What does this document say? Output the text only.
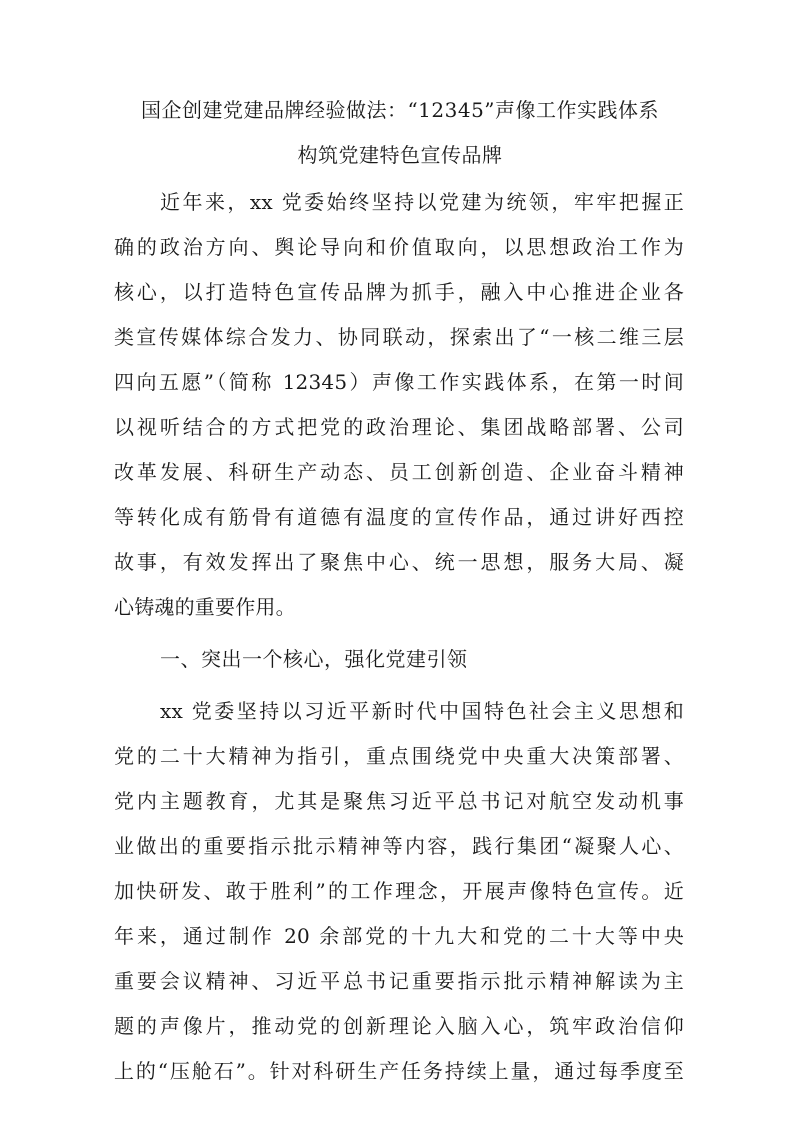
国企创建党建品牌经验做法：“12345”声像工作实践体系
构筑党建特色宣传品牌
近年来，xx 党委始终坚持以党建为统领，牢牢把握正
确的政治方向、舆论导向和价值取向，以思想政治工作为
核心，以打造特色宣传品牌为抓手，融入中心推进企业各
类宣传媒体综合发力、协同联动，探索出了“一核二维三层
四向五愿”（简称 12345）声像工作实践体系，在第一时间
以视听结合的方式把党的政治理论、集团战略部署、公司
改革发展、科研生产动态、员工创新创造、企业奋斗精神
等转化成有筋骨有道德有温度的宣传作品，通过讲好西控
故事，有效发挥出了聚焦中心、统一思想，服务大局、凝
心铸魂的重要作用。
一、突出一个核心，强化党建引领
xx 党委坚持以习近平新时代中国特色社会主义思想和
党的二十大精神为指引，重点围绕党中央重大决策部署、
党内主题教育，尤其是聚焦习近平总书记对航空发动机事
业做出的重要指示批示精神等内容，践行集团“凝聚人心、
加快研发、敢于胜利”的工作理念，开展声像特色宣传。近
年来，通过制作 20 余部党的十九大和党的二十大等中央
重要会议精神、习近平总书记重要指示批示精神解读为主
题的声像片，推动党的创新理论入脑入心，筑牢政治信仰
上的“压舱石”。针对科研生产任务持续上量，通过每季度至
